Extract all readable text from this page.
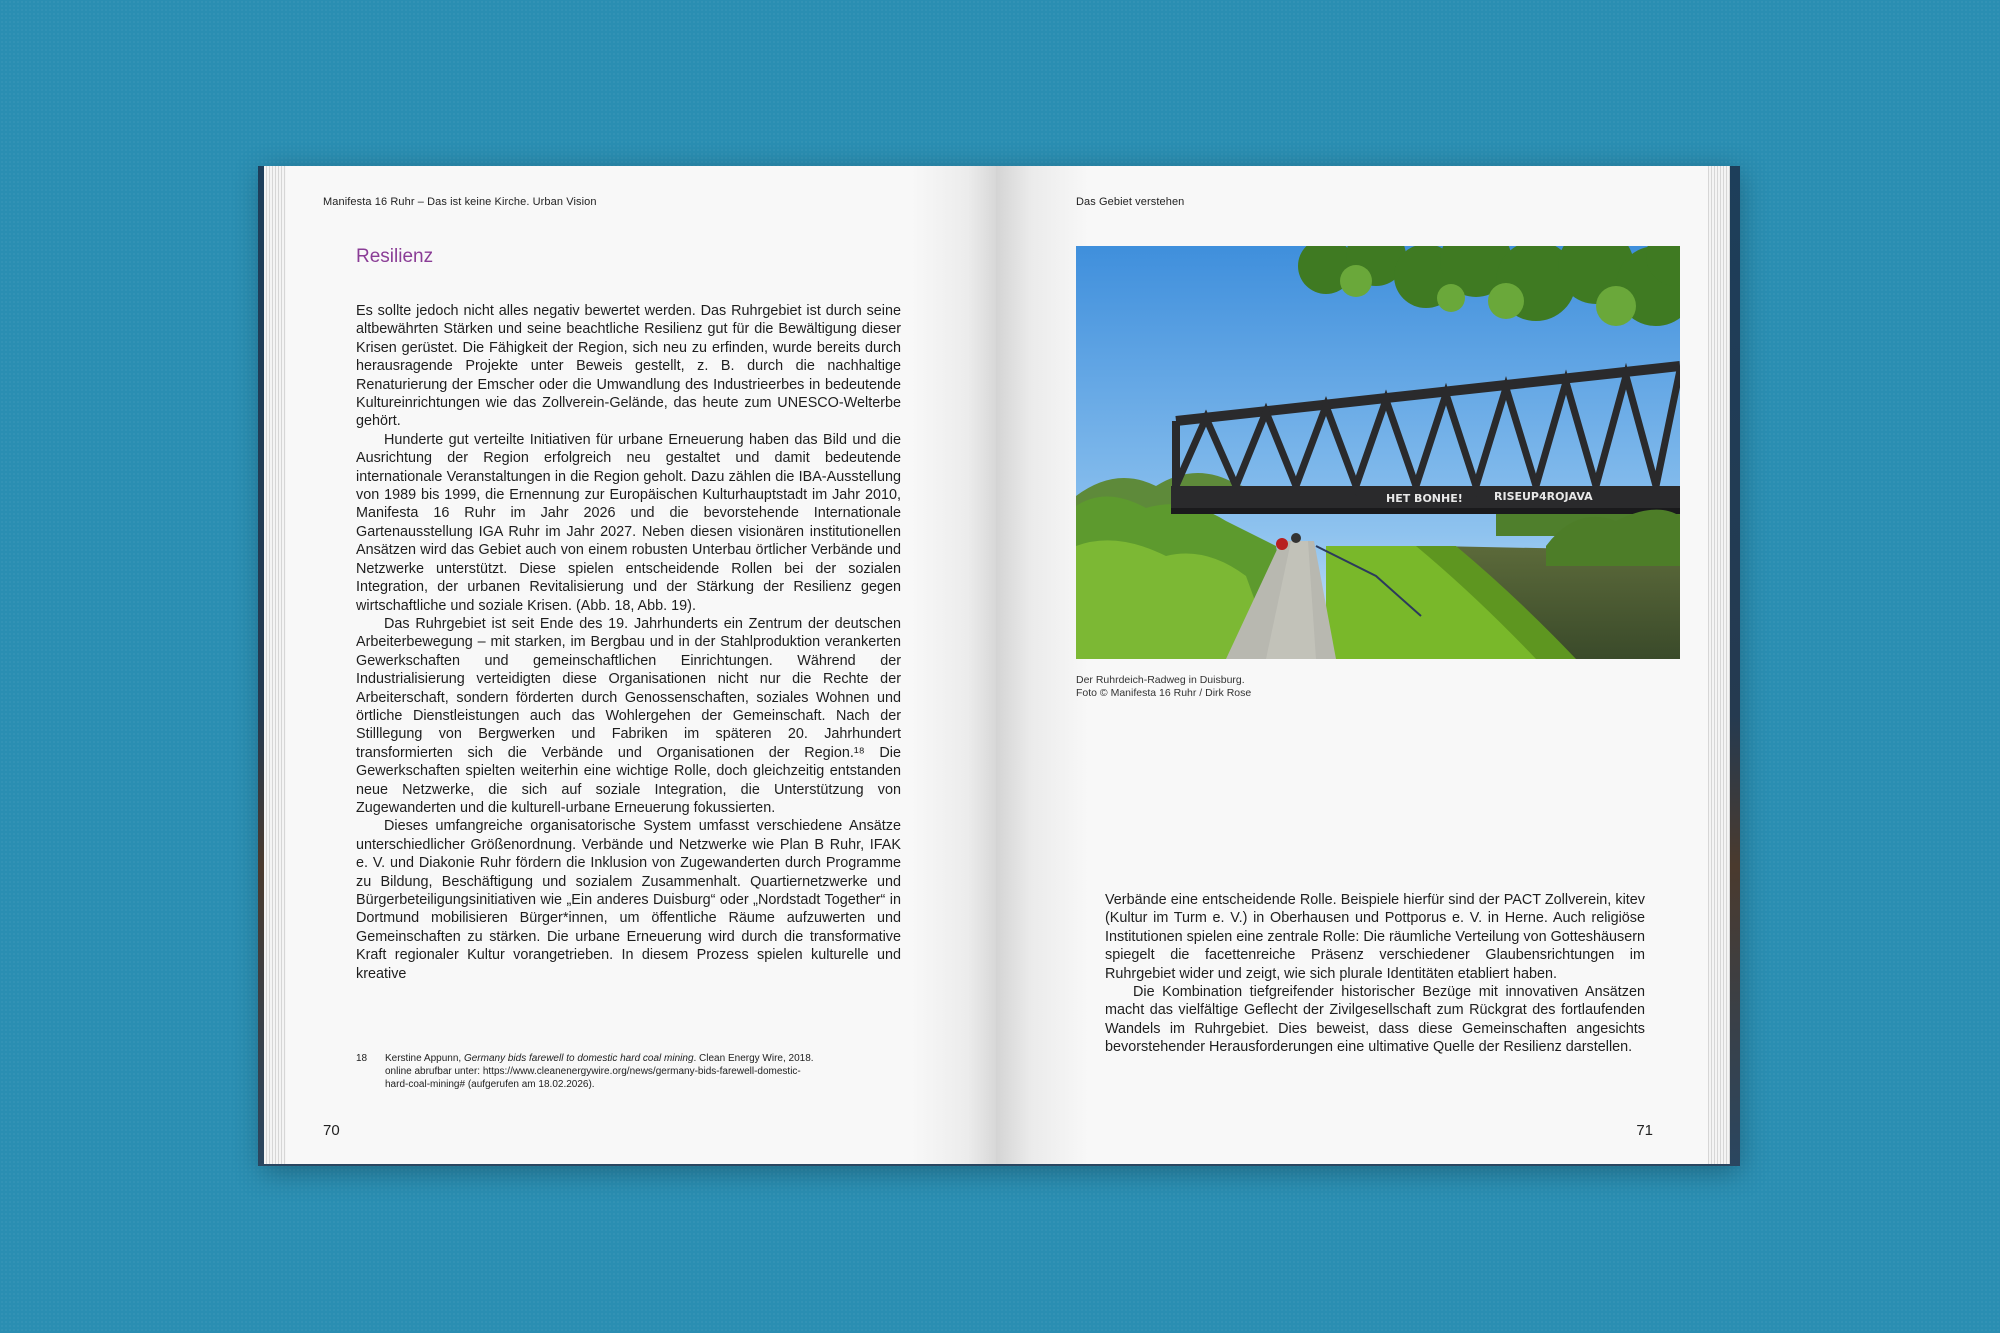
Manifesta 16 Ruhr – Das ist keine Kirche. Urban Vision
Resilienz

Es sollte jedoch nicht alles negativ bewertet werden. Das Ruhrgebiet ist durch seine altbewährten Stärken und seine beachtliche Resilienz gut für die Bewältigung dieser Krisen gerüstet. Die Fähigkeit der Region, sich neu zu erfinden, wurde bereits durch herausragende Projekte unter Beweis gestellt, z. B. durch die nachhaltige Renaturierung der Emscher oder die Umwandlung des Industrieerbes in bedeutende Kultureinrichtungen wie das Zollverein-Gelände, das heute zum UNESCO-Welterbe gehört.

Hunderte gut verteilte Initiativen für urbane Erneuerung haben das Bild und die Ausrichtung der Region erfolgreich neu gestaltet und damit bedeutende internationale Veranstaltungen in die Region geholt. Dazu zählen die IBA-Ausstellung von 1989 bis 1999, die Ernennung zur Europäischen Kulturhauptstadt im Jahr 2010, Manifesta 16 Ruhr im Jahr 2026 und die bevorstehende Internationale Gartenausstellung IGA Ruhr im Jahr 2027. Neben diesen visionären institutionellen Ansätzen wird das Gebiet auch von einem robusten Unterbau örtlicher Verbände und Netzwerke unterstützt. Diese spielen entscheidende Rollen bei der sozialen Integration, der urbanen Revitalisierung und der Stärkung der Resilienz gegen wirtschaftliche und soziale Krisen. (Abb. 18, Abb. 19).

Das Ruhrgebiet ist seit Ende des 19. Jahrhunderts ein Zentrum der deutschen Arbeiterbewegung – mit starken, im Bergbau und in der Stahlproduktion verankerten Gewerkschaften und gemeinschaftlichen Einrichtungen. Während der Industrialisierung verteidigten diese Organisationen nicht nur die Rechte der Arbeiterschaft, sondern förderten durch Genossenschaften, soziales Wohnen und örtliche Dienstleistungen auch das Wohlergehen der Gemeinschaft. Nach der Stilllegung von Bergwerken und Fabriken im späteren 20. Jahrhundert transformierten sich die Verbände und Organisationen der Region.¹⁸ Die Gewerkschaften spielten weiterhin eine wichtige Rolle, doch gleichzeitig entstanden neue Netzwerke, die sich auf soziale Integration, die Unterstützung von Zugewanderten und die kulturell-urbane Erneuerung fokussierten.

Dieses umfangreiche organisatorische System umfasst verschiedene Ansätze unterschiedlicher Größenordnung. Verbände und Netzwerke wie Plan B Ruhr, IFAK e. V. und Diakonie Ruhr fördern die Inklusion von Zugewanderten durch Programme zu Bildung, Beschäftigung und sozialem Zusammenhalt. Quartiernetzwerke und Bürgerbeteiligungsinitiativen wie „Ein anderes Duisburg“ oder „Nordstadt Together“ in Dortmund mobilisieren Bürger*innen, um öffentliche Räume aufzuwerten und Gemeinschaften zu stärken. Die urbane Erneuerung wird durch die transformative Kraft regionaler Kultur vorangetrieben. In diesem Prozess spielen kulturelle und kreative

18 Kerstine Appunn, Germany bids farewell to domestic hard coal mining. Clean Energy Wire, 2018. online abrufbar unter: https://www.cleanenergywire.org/news/germany-bids-farewell-domestic-hard-coal-mining# (aufgerufen am 18.02.2026).
70
Das Gebiet verstehen
HET BONHE!	RISEUP4ROJAVA
Der Ruhrdeich-Radweg in Duisburg.
Foto © Manifesta 16 Ruhr / Dirk Rose

Verbände eine entscheidende Rolle. Beispiele hierfür sind der PACT Zollverein, kitev (Kultur im Turm e. V.) in Oberhausen und Pottporus e. V. in Herne. Auch religiöse Institutionen spielen eine zentrale Rolle: Die räumliche Verteilung von Gotteshäusern spiegelt die facettenreiche Präsenz verschiedener Glaubensrichtungen im Ruhrgebiet wider und zeigt, wie sich plurale Identitäten etabliert haben.

Die Kombination tiefgreifender historischer Bezüge mit innovativen Ansätzen macht das vielfältige Geflecht der Zivilgesellschaft zum Rückgrat des fortlaufenden Wandels im Ruhrgebiet. Dies beweist, dass diese Gemeinschaften angesichts bevorstehender Herausforderungen eine ultimative Quelle der Resilienz darstellen.

71
